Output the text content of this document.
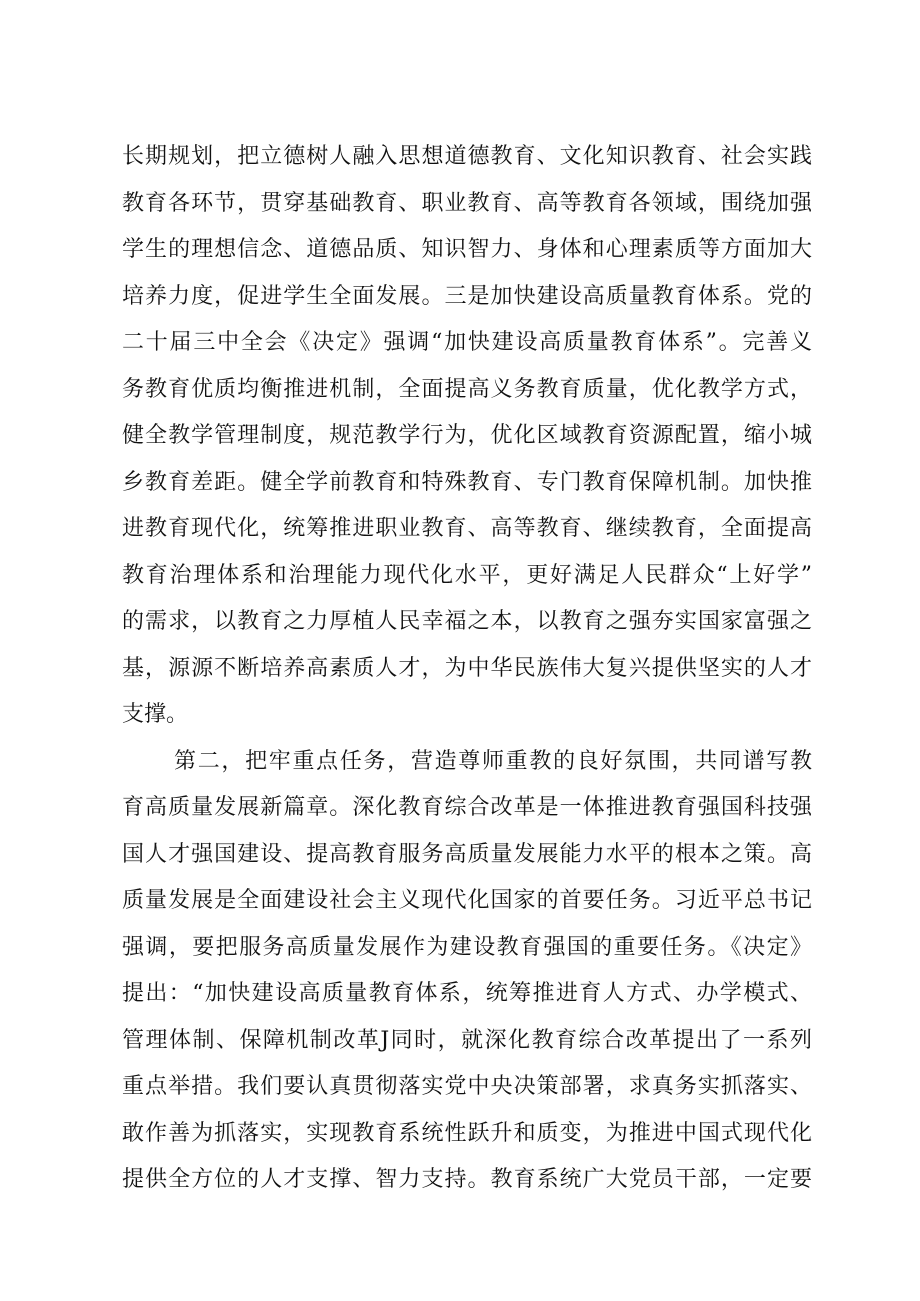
长期规划，把立德树人融入思想道德教育、文化知识教育、社会实践
教育各环节，贯穿基础教育、职业教育、高等教育各领域，围绕加强
学生的理想信念、道德品质、知识智力、身体和心理素质等方面加大
培养力度，促进学生全面发展。三是加快建设高质量教育体系。党的
二十届三中全会《决定》强调“加快建设高质量教育体系”。完善义
务教育优质均衡推进机制，全面提高义务教育质量，优化教学方式，
健全教学管理制度，规范教学行为，优化区域教育资源配置，缩小城
乡教育差距。健全学前教育和特殊教育、专门教育保障机制。加快推
进教育现代化，统筹推进职业教育、高等教育、继续教育，全面提高
教育治理体系和治理能力现代化水平，更好满足人民群众“上好学”
的需求，以教育之力厚植人民幸福之本，以教育之强夯实国家富强之
基，源源不断培养高素质人才，为中华民族伟大复兴提供坚实的人才
支撑。
第二，把牢重点任务，营造尊师重教的良好氛围，共同谱写教
育高质量发展新篇章。深化教育综合改革是一体推进教育强国科技强
国人才强国建设、提高教育服务高质量发展能力水平的根本之策。高
质量发展是全面建设社会主义现代化国家的首要任务。习近平总书记
强调，要把服务高质量发展作为建设教育强国的重要任务。《决定》
提出：“加快建设高质量教育体系，统筹推进育人方式、办学模式、
管理体制、保障机制改革J同时，就深化教育综合改革提出了一系列
重点举措。我们要认真贯彻落实党中央决策部署，求真务实抓落实、
敢作善为抓落实，实现教育系统性跃升和质变，为推进中国式现代化
提供全方位的人才支撑、智力支持。教育系统广大党员干部，一定要
